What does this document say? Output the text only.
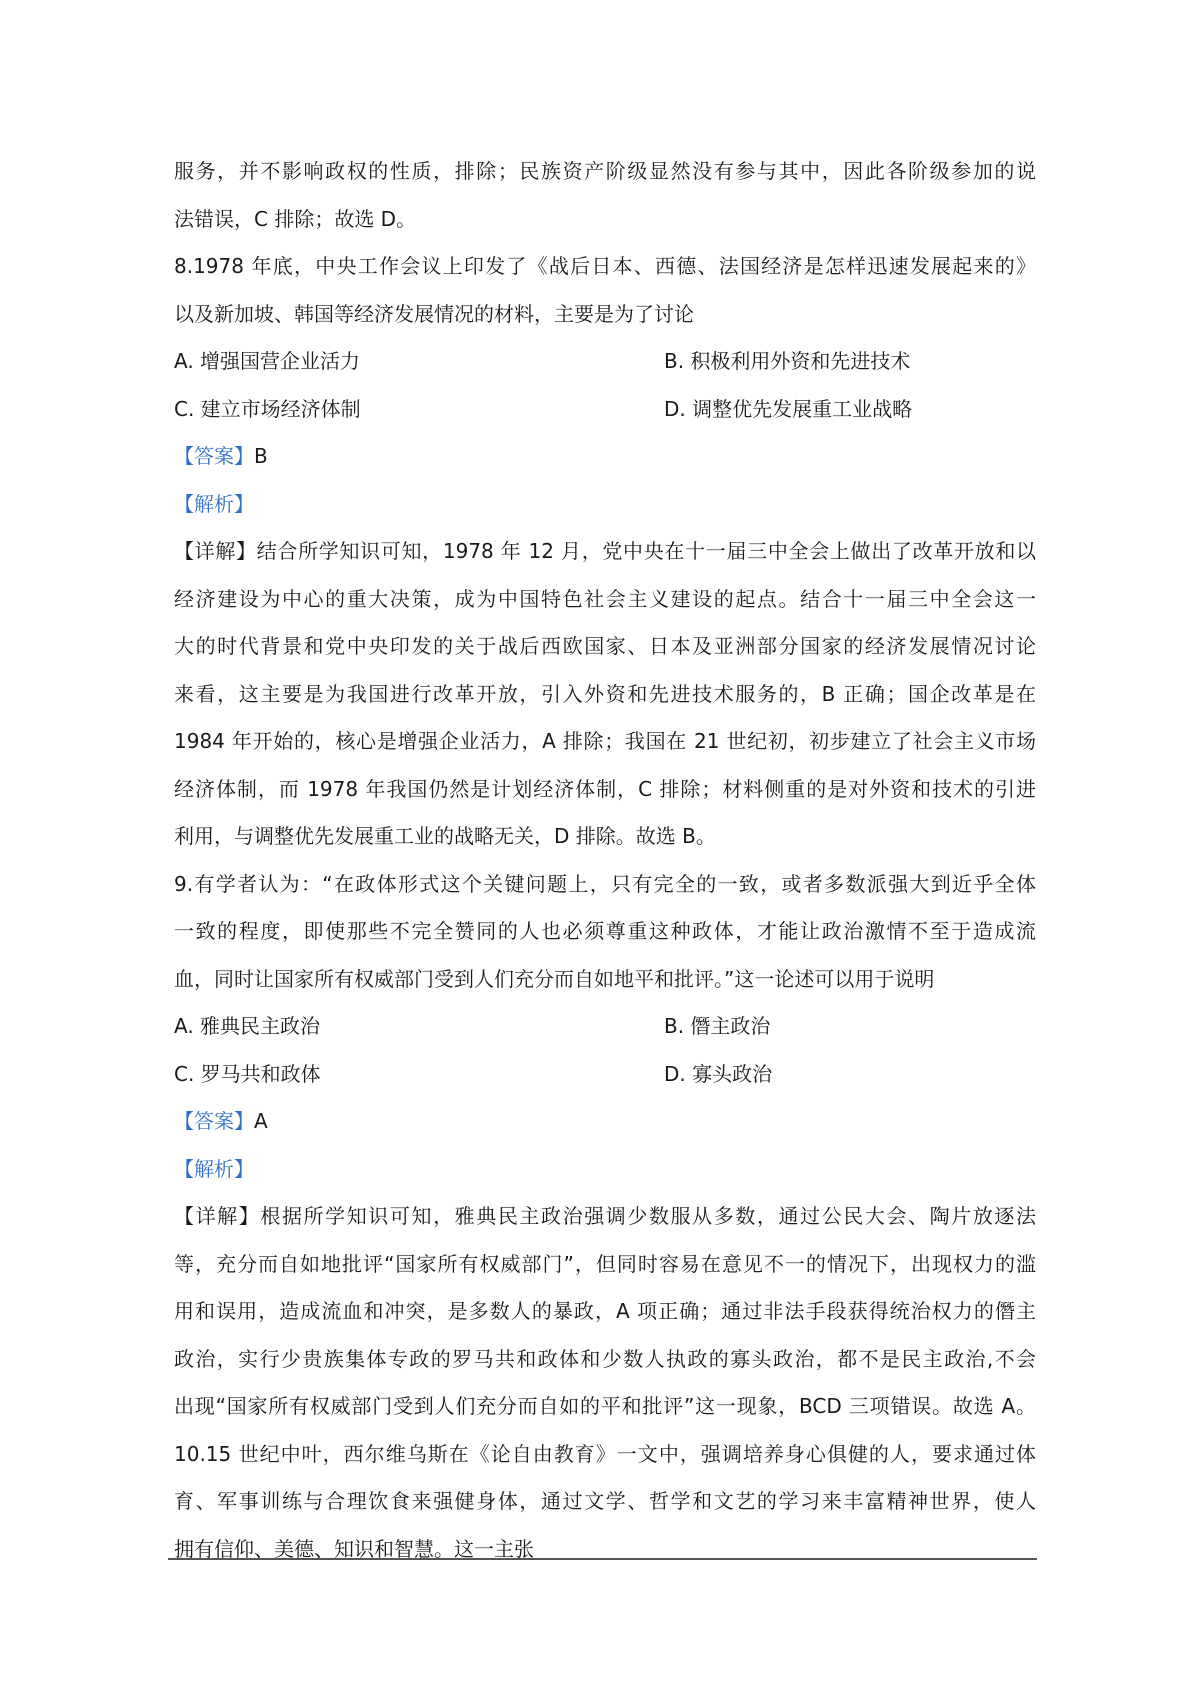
服务，并不影响政权的性质，排除；民族资产阶级显然没有参与其中，因此各阶级参加的说
法错误，C 排除；故选 D。
8.1978 年底，中央工作会议上印发了《战后日本、西德、法国经济是怎样迅速发展起来的》
以及新加坡、韩国等经济发展情况的材料，主要是为了讨论
A. 增强国营企业活力	B. 积极利用外资和先进技术
C. 建立市场经济体制	D. 调整优先发展重工业战略
【答案】B
【解析】
【详解】结合所学知识可知，1978 年 12 月，党中央在十一届三中全会上做出了改革开放和以
经济建设为中心的重大决策，成为中国特色社会主义建设的起点。结合十一届三中全会这一
大的时代背景和党中央印发的关于战后西欧国家、日本及亚洲部分国家的经济发展情况讨论
来看，这主要是为我国进行改革开放，引入外资和先进技术服务的，B 正确；国企改革是在
1984 年开始的，核心是增强企业活力，A 排除；我国在 21 世纪初，初步建立了社会主义市场
经济体制，而 1978 年我国仍然是计划经济体制，C 排除；材料侧重的是对外资和技术的引进
利用，与调整优先发展重工业的战略无关，D 排除。故选 B。
9.有学者认为：“在政体形式这个关键问题上，只有完全的一致，或者多数派强大到近乎全体
一致的程度，即使那些不完全赞同的人也必须尊重这种政体，才能让政治激情不至于造成流
血，同时让国家所有权威部门受到人们充分而自如地平和批评。”这一论述可以用于说明
A. 雅典民主政治	B. 僭主政治
C. 罗马共和政体	D. 寡头政治
【答案】A
【解析】
【详解】根据所学知识可知，雅典民主政治强调少数服从多数，通过公民大会、陶片放逐法
等，充分而自如地批评“国家所有权威部门”，但同时容易在意见不一的情况下，出现权力的滥
用和误用，造成流血和冲突，是多数人的暴政，A 项正确；通过非法手段获得统治权力的僭主
政治，实行少贵族集体专政的罗马共和政体和少数人执政的寡头政治，都不是民主政治,不会
出现“国家所有权威部门受到人们充分而自如的平和批评”这一现象，BCD 三项错误。故选 A。
10.15 世纪中叶，西尔维乌斯在《论自由教育》一文中，强调培养身心俱健的人，要求通过体
育、军事训练与合理饮食来强健身体，通过文学、哲学和文艺的学习来丰富精神世界，使人
拥有信仰、美德、知识和智慧。这一主张
